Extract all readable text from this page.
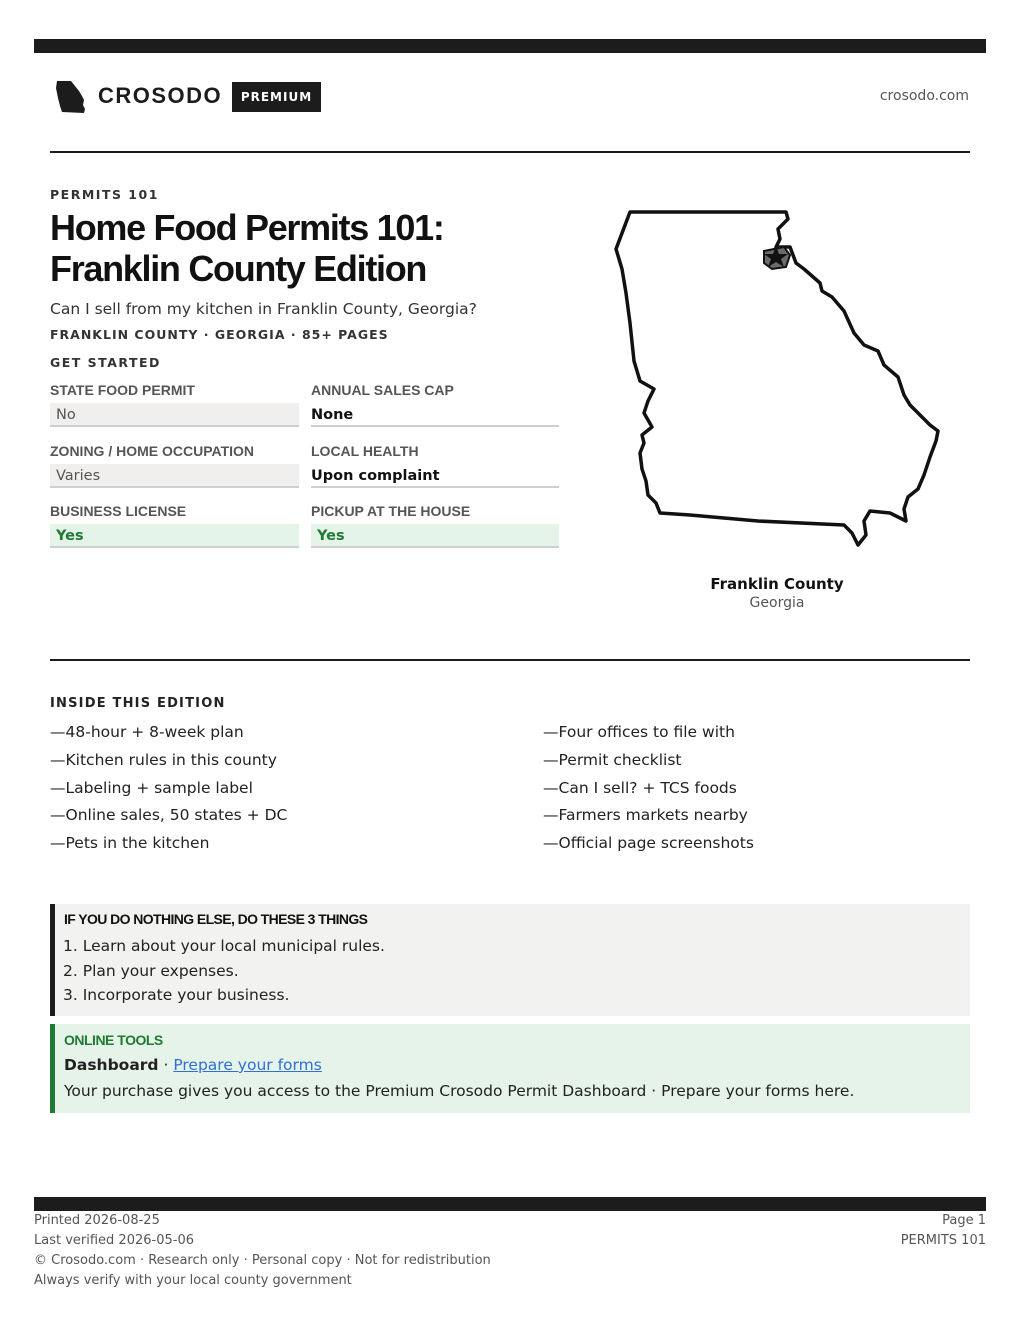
CROSODO	PREMIUM	crosodo.com
PERMITS 101
Home Food Permits 101: Franklin County Edition
Can I sell from my kitchen in Franklin County, Georgia?
FRANKLIN COUNTY · GEORGIA · 85+ PAGES
GET STARTED
STATE FOOD PERMIT
No
ANNUAL SALES CAP
None
ZONING / HOME OCCUPATION
Varies
LOCAL HEALTH
Upon complaint
BUSINESS LICENSE
Yes
PICKUP AT THE HOUSE
Yes
Franklin County
Georgia
INSIDE THIS EDITION
—48-hour + 8-week plan
—Kitchen rules in this county
—Labeling + sample label
—Online sales, 50 states + DC
—Pets in the kitchen
—Four offices to file with
—Permit checklist
—Can I sell? + TCS foods
—Farmers markets nearby
—Official page screenshots
IF YOU DO NOTHING ELSE, DO THESE 3 THINGS
1. Learn about your local municipal rules.
2. Plan your expenses.
3. Incorporate your business.
ONLINE TOOLS
Dashboard · Prepare your forms
Your purchase gives you access to the Premium Crosodo Permit Dashboard · Prepare your forms here.
Printed 2026-08-25
Last verified 2026-05-06
© Crosodo.com · Research only · Personal copy · Not for redistribution
Always verify with your local county government
Page 1
PERMITS 101
